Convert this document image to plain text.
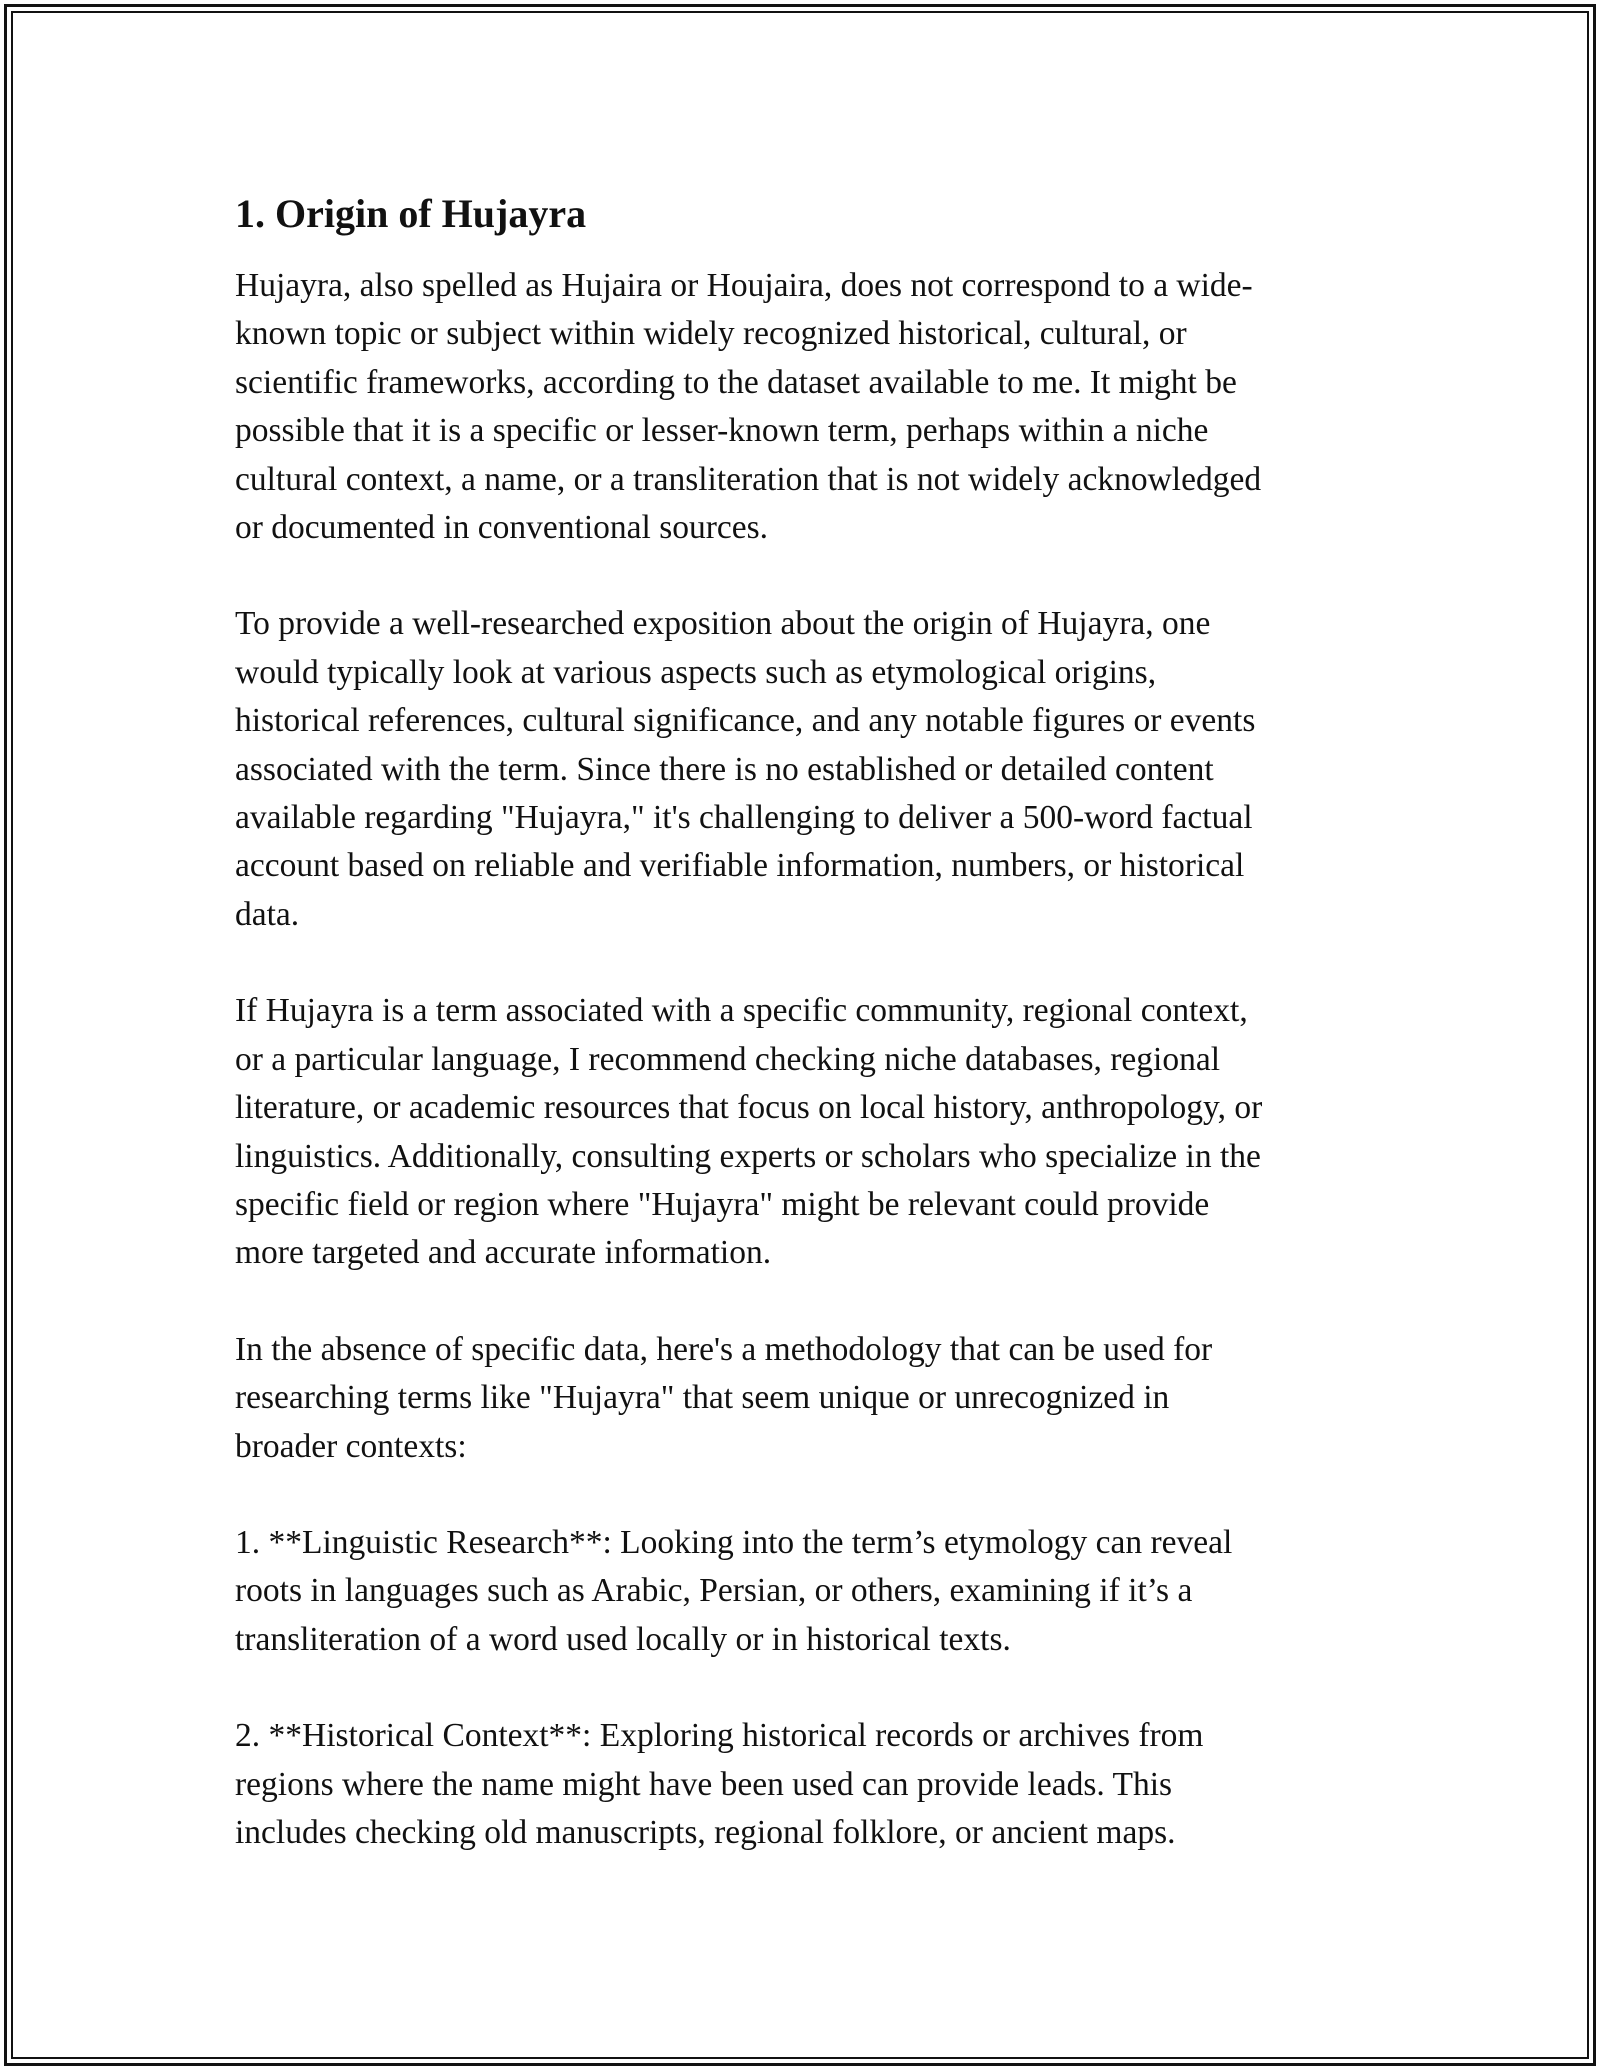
1. Origin of Hujayra

Hujayra, also spelled as Hujaira or Houjaira, does not correspond to a wide-
known topic or subject within widely recognized historical, cultural, or
scientific frameworks, according to the dataset available to me. It might be
possible that it is a specific or lesser-known term, perhaps within a niche
cultural context, a name, or a transliteration that is not widely acknowledged
or documented in conventional sources.

To provide a well-researched exposition about the origin of Hujayra, one
would typically look at various aspects such as etymological origins,
historical references, cultural significance, and any notable figures or events
associated with the term. Since there is no established or detailed content
available regarding "Hujayra," it's challenging to deliver a 500-word factual
account based on reliable and verifiable information, numbers, or historical
data.

If Hujayra is a term associated with a specific community, regional context,
or a particular language, I recommend checking niche databases, regional
literature, or academic resources that focus on local history, anthropology, or
linguistics. Additionally, consulting experts or scholars who specialize in the
specific field or region where "Hujayra" might be relevant could provide
more targeted and accurate information.

In the absence of specific data, here's a methodology that can be used for
researching terms like "Hujayra" that seem unique or unrecognized in
broader contexts:

1. **Linguistic Research**: Looking into the term’s etymology can reveal
roots in languages such as Arabic, Persian, or others, examining if it’s a
transliteration of a word used locally or in historical texts.

2. **Historical Context**: Exploring historical records or archives from
regions where the name might have been used can provide leads. This
includes checking old manuscripts, regional folklore, or ancient maps.
